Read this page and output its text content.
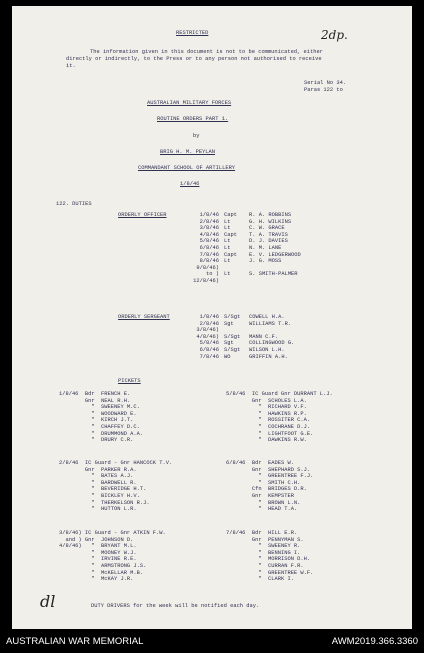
RESTRICTED	2dp.
The information given in this document is not to be communicated, either
directly or indirectly, to the Press or to any person not authorised to receive
it.
Serial No 34.
Paras 122 to
AUSTRALIAN MILITARY FORCES
ROUTINE ORDERS PART 1.
by
BRIG H. M. PEYLAN
COMMANDANT SCHOOL OF ARTILLERY
1/8/46
122. DUTIES
ORDERLY OFFICER	1/8/46 Capt R. A. ROBBINS
2/8/46 Lt	G. H. WILKINS
3/8/46 Lt	C. W. GRACE
4/8/46 Capt T. A. TRAVIS
5/8/46 Lt	D. J. DAVIES
6/8/46 Lt	N. M. LANE
7/8/46 Capt E. V. LEDGERWOOD
8/8/46 Lt	J. G. MOSS
9/8/46)
to ) Lt	S. SMITH-PALMER
12/8/46)
ORDERLY SERGEANT	1/8/46 S/Sgt COWELL H.A.
2/8/46 Sgt	WILLIAMS T.R.
3/8/46)
4/8/46) S/Sgt MANN C.F.
5/8/46 Sgt	COLLINGWOOD G.
6/8/46 S/Sgt WILSON L.H.
7/8/46 WO	GRIFFIN A.H.
PICKETS
1/8/46  Bdr  FRENCH E.
Gnr  NEAL R.H.
"  SWEENEY M.C.
"  WOODWARD E.
"  KIRCH J.T.
"  CHAFFEY D.C.
"  DRUMMOND A.A.
"  DRURY C.R.
2/8/46  IC Guard - Gnr HANCOCK T.V.
Gnr  PARKER R.A.
"  BATES A.J.
"  BARDWELL R.
"  BEVERIDGE H.T.
"  BICKLEY H.V.
"  THERKELSON R.J.
"  HUTTON L.R.
3/8/46) IC Guard - Gnr ATKIN F.W.
and ) Gnr  JOHNSON D.
4/8/46)   "  BRYANT M.L.
"  MOONEY W.J.
"  IRVINE R.E.
"  ARMSTRONG J.S.
"  McKELLAR M.B.
"  McKAY J.R.
5/8/46  IC Guard Gnr DURRANT L.J.
Gnr  SCHOLES L.A.
"  RICHARD V.F.
"  HAWKINS R.P.
"  ROSSITER C.A.
"  COCHRANE D.J.
"  LIGHTFOOT G.E.
"  DAWKINS R.W.
6/8/46  Bdr  EADES W.
Gnr  SHEPHARD S.J.
"  GREENTREE F.J.
"  SMITH C.H.
Cfn  BRIDGES D.R.
Gnr  KEMPSTER
"  BROWN L.N.
"  HEAD T.A.
7/8/46  Bdr  HILL E.R.
Gnr  PENNYMAN S.
"  SWEENEY R.
"  BENNING I.
"  MORRISON D.H.
"  CURRAN F.R.
"  GREENTREE W.F.
"  CLARK I.
dl	DUTY DRIVERS for the week will be notified each day.
AUSTRALIAN WAR MEMORIAL	AWM2019.366.3360
